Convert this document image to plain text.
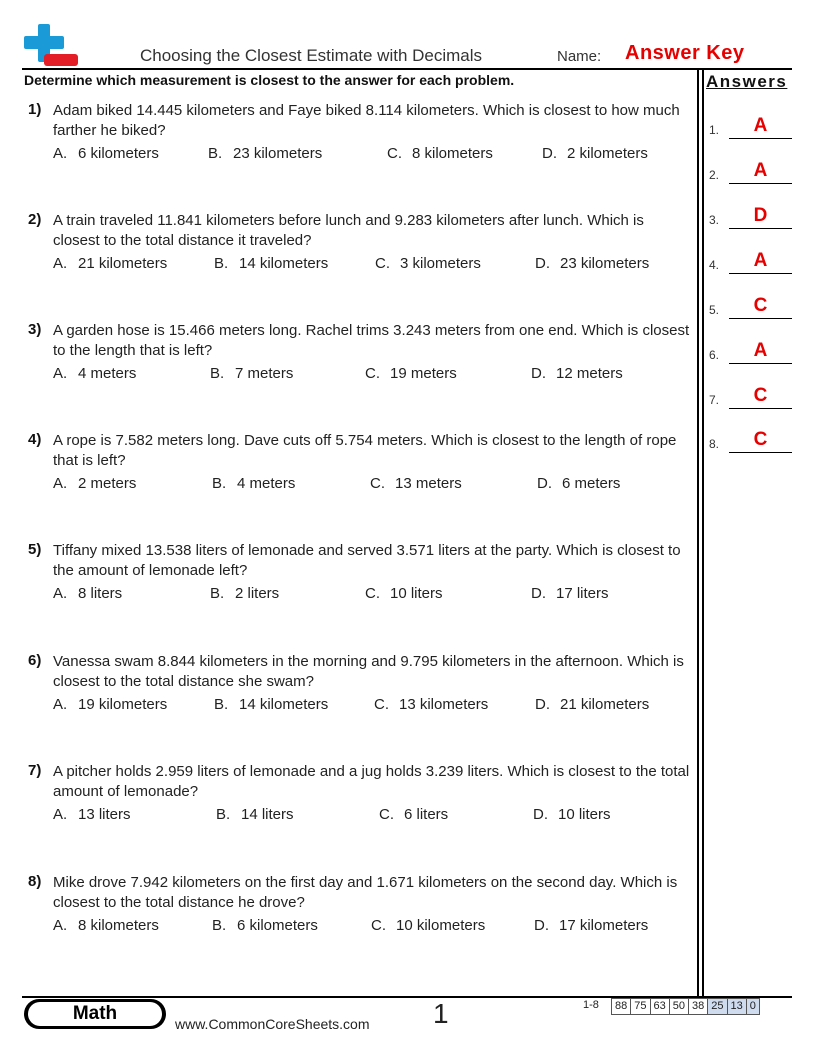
Choosing the Closest Estimate with Decimals	Name: Answer Key
Determine which measurement is closest to the answer for each problem.	Answers
1.	A
2.	A
3.	D
4.	A
5.	C
6.	A
7.	C
8.	C
1) Adam biked 14.445 kilometers and Faye biked 8.114 kilometers. Which is closest to how much farther he biked?
A. 6 kilometers	B. 23 kilometers	C. 8 kilometers	D. 2 kilometers
2) A train traveled 11.841 kilometers before lunch and 9.283 kilometers after lunch. Which is closest to the total distance it traveled?
A. 21 kilometers	B. 14 kilometers	C. 3 kilometers	D. 23 kilometers
3) A garden hose is 15.466 meters long. Rachel trims 3.243 meters from one end. Which is closest to the length that is left?
A. 4 meters	B. 7 meters	C. 19 meters	D. 12 meters
4) A rope is 7.582 meters long. Dave cuts off 5.754 meters. Which is closest to the length of rope that is left?
A. 2 meters	B. 4 meters	C. 13 meters	D. 6 meters
5) Tiffany mixed 13.538 liters of lemonade and served 3.571 liters at the party. Which is closest to the amount of lemonade left?
A. 8 liters	B. 2 liters	C. 10 liters	D. 17 liters
6) Vanessa swam 8.844 kilometers in the morning and 9.795 kilometers in the afternoon. Which is closest to the total distance she swam?
A. 19 kilometers	B. 14 kilometers	C. 13 kilometers	D. 21 kilometers
7) A pitcher holds 2.959 liters of lemonade and a jug holds 3.239 liters. Which is closest to the total amount of lemonade?
A. 13 liters	B. 14 liters	C. 6 liters	D. 10 liters
8) Mike drove 7.942 kilometers on the first day and 1.671 kilometers on the second day. Which is closest to the total distance he drove?
A. 8 kilometers	B. 6 kilometers	C. 10 kilometers	D. 17 kilometers
Math	www.CommonCoreSheets.com 1	1-8 88 75 63 50 38 25 13 0
